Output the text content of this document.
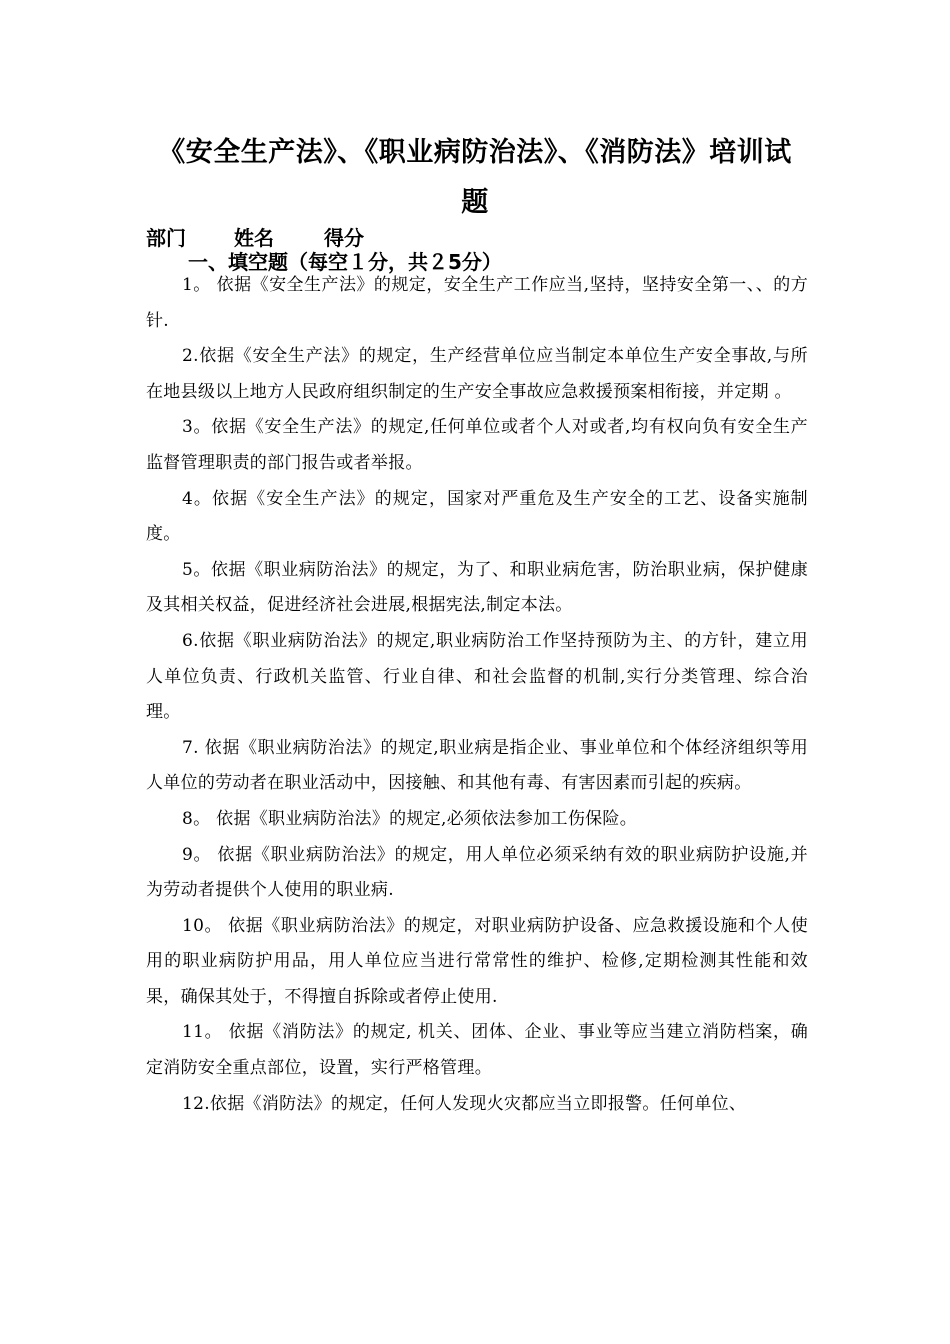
《安全生产法》、《职业病防治法》、《消防法》培训试
题
部门 姓名	得分
一、填空题（每空１分，共２5分）

1。 依据《安全生产法》的规定，安全生产工作应当,坚持，坚持安全第一、、的方针.

2.依据《安全生产法》的规定，生产经营单位应当制定本单位生产安全事故,与所在地县级以上地方人民政府组织制定的生产安全事故应急救援预案相衔接，并定期 。

3。依据《安全生产法》的规定,任何单位或者个人对或者,均有权向负有安全生产监督管理职责的部门报告或者举报。

4。依据《安全生产法》的规定，国家对严重危及生产安全的工艺、设备实施制度。

5。依据《职业病防治法》的规定，为了、和职业病危害，防治职业病，保护健康及其相关权益，促进经济社会进展,根据宪法,制定本法。

6.依据《职业病防治法》的规定,职业病防治工作坚持预防为主、的方针，建立用人单位负责、行政机关监管、行业自律、和社会监督的机制,实行分类管理、综合治理。

7. 依据《职业病防治法》的规定,职业病是指企业、事业单位和个体经济组织等用人单位的劳动者在职业活动中，因接触、和其他有毒、有害因素而引起的疾病。

8。 依据《职业病防治法》的规定,必须依法参加工伤保险。

9。 依据《职业病防治法》的规定，用人单位必须采纳有效的职业病防护设施,并为劳动者提供个人使用的职业病.

10。 依据《职业病防治法》的规定，对职业病防护设备、应急救援设施和个人使用的职业病防护用品，用人单位应当进行常常性的维护、检修,定期检测其性能和效果，确保其处于，不得擅自拆除或者停止使用.

11。 依据《消防法》的规定, 机关、团体、企业、事业等应当建立消防档案，确定消防安全重点部位，设置，实行严格管理。

12.依据《消防法》的规定，任何人发现火灾都应当立即报警。任何单位、
